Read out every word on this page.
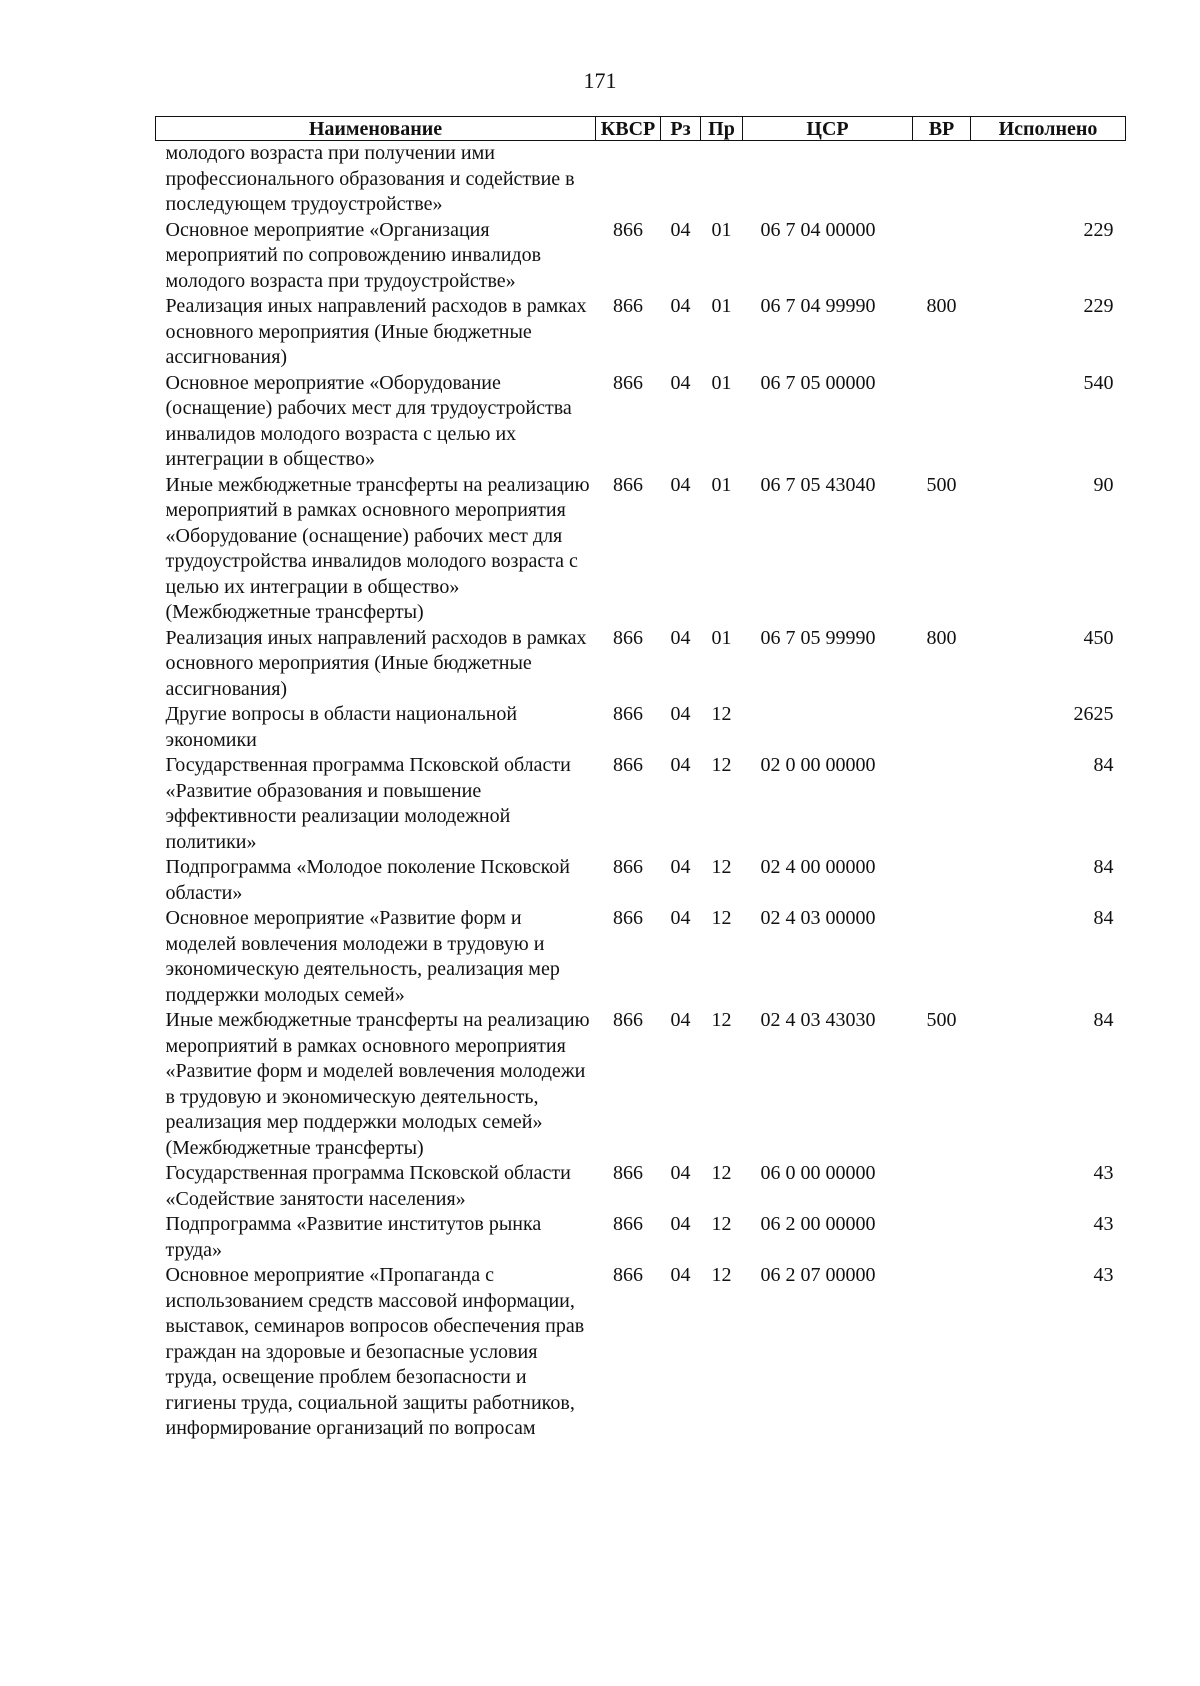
171
Наименование	КВСР	Рз	Пр	ЦСР	ВР	Исполнено
молодого возраста при получении ими профессионального образования и содействие в последующем трудоустройстве»						
Основное мероприятие «Организация мероприятий по сопровождению инвалидов молодого возраста при трудоустройстве»	866	04	01	06 7 04 00000		229
Реализация иных направлений расходов в рамках основного мероприятия (Иные бюджетные ассигнования)	866	04	01	06 7 04 99990	800	229
Основное мероприятие «Оборудование (оснащение) рабочих мест для трудоустройства инвалидов молодого возраста с целью их интеграции в общество»	866	04	01	06 7 05 00000		540
Иные межбюджетные трансферты на реализацию мероприятий в рамках основного мероприятия «Оборудование (оснащение) рабочих мест для трудоустройства инвалидов молодого возраста с целью их интеграции в общество» (Межбюджетные трансферты)	866	04	01	06 7 05 43040	500	90
Реализация иных направлений расходов в рамках основного мероприятия (Иные бюджетные ассигнования)	866	04	01	06 7 05 99990	800	450
Другие вопросы в области национальной экономики	866	04	12			2625
Государственная программа Псковской области «Развитие образования и повышение эффективности реализации молодежной политики»	866	04	12	02 0 00 00000		84
Подпрограмма «Молодое поколение Псковской области»	866	04	12	02 4 00 00000		84
Основное мероприятие «Развитие форм и моделей вовлечения молодежи в трудовую и экономическую деятельность, реализация мер поддержки молодых семей»	866	04	12	02 4 03 00000		84
Иные межбюджетные трансферты на реализацию мероприятий в рамках основного мероприятия «Развитие форм и моделей вовлечения молодежи в трудовую и экономическую деятельность, реализация мер поддержки молодых семей» (Межбюджетные трансферты)	866	04	12	02 4 03 43030	500	84
Государственная программа Псковской области «Содействие занятости населения»	866	04	12	06 0 00 00000		43
Подпрограмма «Развитие институтов рынка труда»	866	04	12	06 2 00 00000		43
Основное мероприятие «Пропаганда с использованием средств массовой информации, выставок, семинаров вопросов обеспечения прав граждан на здоровые и безопасные условия труда, освещение проблем безопасности и гигиены труда, социальной защиты работников, информирование организаций по вопросам	866	04	12	06 2 07 00000		43
